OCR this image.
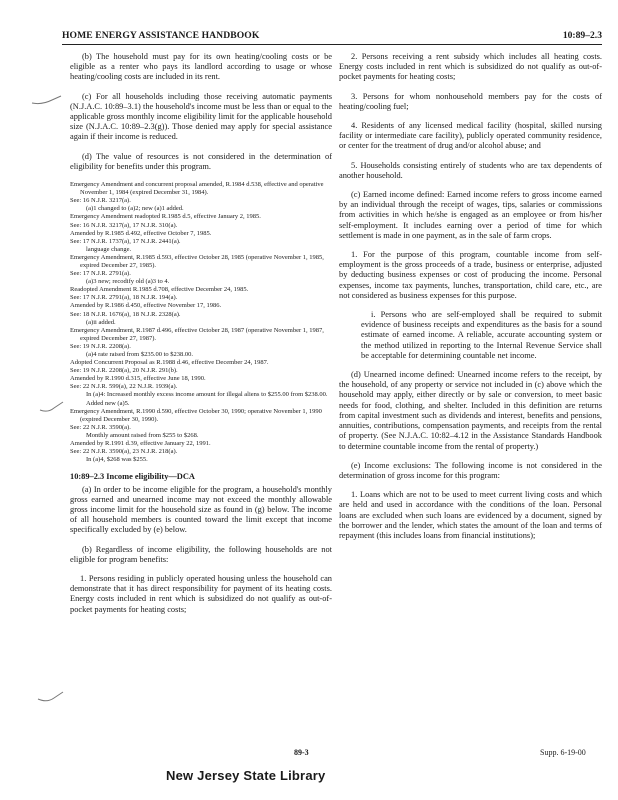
HOME ENERGY ASSISTANCE HANDBOOK	10:89–2.3

(b) The household must pay for its own heating/cooling costs or be eligible as a renter who pays its landlord according to usage or whose heating/cooling costs are included in its rent.

(c) For all households including those receiving automatic payments (N.J.A.C. 10:89–3.1) the household's income must be less than or equal to the applicable gross monthly income eligibility limit for the applicable household size (N.J.A.C. 10:89–2.3(g)). Those denied may apply for special assistance again if their income is reduced.

(d) The value of resources is not considered in the determination of eligibility for benefits under this program.

Emergency Amendment and concurrent proposal amended, R.1984 d.538, effective and operative November 1, 1984 (expired December 31, 1984).

See: 16 N.J.R. 3217(a).

(a)1 changed to (a)2; new (a)1 added.

Emergency Amendment readopted R.1985 d.5, effective January 2, 1985.

See: 16 N.J.R. 3217(a), 17 N.J.R. 310(a).

Amended by R.1985 d.492, effective October 7, 1985.

See: 17 N.J.R. 1737(a), 17 N.J.R. 2441(a).

language change.

Emergency Amendment, R.1985 d.593, effective October 28, 1985 (operative November 1, 1985, expired December 27, 1985).

See: 17 N.J.R. 2791(a).

(a)3 new; recodify old (a)3 to 4.

Readopted Amendment R.1985 d.708, effective December 24, 1985.

See: 17 N.J.R. 2791(a), 18 N.J.R. 194(a).

Amended by R.1986 d.450, effective November 17, 1986.

See: 18 N.J.R. 1676(a), 18 N.J.R. 2328(a).

(a)ii added.

Emergency Amendment, R.1987 d.496, effective October 28, 1987 (operative November 1, 1987, expired December 27, 1987).

See: 19 N.J.R. 2208(a).

(a)4 rate raised from $235.00 to $238.00.

Adopted Concurrent Proposal as R.1988 d.46, effective December 24, 1987.

See: 19 N.J.R. 2208(a), 20 N.J.R. 291(b).

Amended by R.1990 d.315, effective June 18, 1990.

See: 22 N.J.R. 599(a), 22 N.J.R. 1939(a).

In (a)4: Increased monthly excess income amount for illegal aliens to $255.00 from $238.00. Added new (a)5.

Emergency Amendment, R.1990 d.590, effective October 30, 1990; operative November 1, 1990 (expired December 30, 1990).

See: 22 N.J.R. 3590(a).

Monthly amount raised from $255 to $268.

Amended by R.1991 d.39, effective January 22, 1991.

See: 22 N.J.R. 3590(a), 23 N.J.R. 218(a).

In (a)4, $268 was $255.

10:89–2.3 Income eligibility—DCA

(a) In order to be income eligible for the program, a household's monthly gross earned and unearned income may not exceed the monthly allowable gross income limit for the household size as found in (g) below. The income of all household members is counted toward the limit except that income specifically excluded by (e) below.

(b) Regardless of income eligibility, the following households are not eligible for program benefits:

1. Persons residing in publicly operated housing unless the household can demonstrate that it has direct responsibility for payment of its heating costs. Energy costs included in rent which is subsidized do not qualify as out-of-pocket payments for heating costs;

2. Persons receiving a rent subsidy which includes all heating costs. Energy costs included in rent which is subsidized do not qualify as out-of-pocket payments for heating costs;

3. Persons for whom nonhousehold members pay for the costs of heating/cooling fuel;

4. Residents of any licensed medical facility (hospital, skilled nursing facility or intermediate care facility), publicly operated community residence, or center for the treatment of drug and/or alcohol abuse; and

5. Households consisting entirely of students who are tax dependents of another household.

(c) Earned income defined: Earned income refers to gross income earned by an individual through the receipt of wages, tips, salaries or commissions from activities in which he/she is engaged as an employee or from his/her self-employment. It includes earning over a period of time for which settlement is made in one payment, as in the sale of farm crops.

1. For the purpose of this program, countable income from self-employment is the gross proceeds of a trade, business or enterprise, adjusted by deducting business expenses or cost of producing the income. Personal expenses, income tax payments, lunches, transportation, child care, etc., are not considered as business expenses for this purpose.

i. Persons who are self-employed shall be required to submit evidence of business receipts and expenditures as the basis for a sound estimate of earned income. A reliable, accurate accounting system or the method utilized in reporting to the Internal Revenue Service shall be acceptable for determining countable net income.

(d) Unearned income defined: Unearned income refers to the receipt, by the household, of any property or service not included in (c) above which the household may apply, either directly or by sale or conversion, to meet basic needs for food, clothing, and shelter. Included in this definition are returns from capital investment such as dividends and interest, benefits and pensions, annuities, contributions, compensation payments, and receipts from the rental of property. (See N.J.A.C. 10:82–4.12 in the Assistance Standards Handbook to determine countable income from the rental of property.)

(e) Income exclusions: The following income is not considered in the determination of gross income for this program:

1. Loans which are not to be used to meet current living costs and which are held and used in accordance with the conditions of the loan. Personal loans are excluded when such loans are evidenced by a document, signed by the borrower and the lender, which states the amount of the loan and terms of repayment (this includes loans from financial institutions);

89-3	Supp. 6-19-00
New Jersey State Library
